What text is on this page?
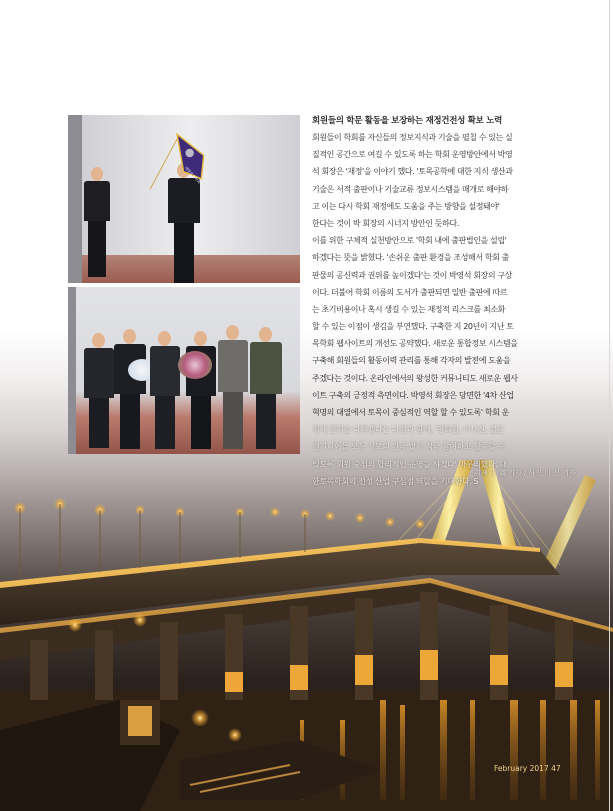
대한토목학회
회원들의 학문 활동을 보장하는 재정건전성 확보 노력
회원들이 학회를 자신들의 정보지식과 기술을 펼칠 수 있는 실
질적인 공간으로 여길 수 있도록 하는 학회 운영방안에서 박영
석 회장은 '재정'을 이야기 했다. '토목공학에 대한 지식 생산과
기술은 서적 출판이나 기술교류 정보시스템을 매개로 해야하
고 이는 다시 학회 재정에도 도움을 주는 방향을 설정돼야'
한다는 것이 박 회장의 시너지 방안인 듯하다.
이를 위한 구체적 실천방안으로 '학회 내에 출판법인을 설립'
하겠다는 뜻을 밝혔다. '손쉬운 출판 환경을 조성해서 학회 출
판물의 공신력과 권위를 높이겠다'는 것이 박영석 회장의 구상
이다. 더불어 학회 이름의 도서가 출판되면 일반 출판에 따르
는 초기비용이나 혹시 생길 수 있는 재정적 리스크를 최소화
할 수 있는 이점이 생김을 부연했다. 구축한 지 20년이 지난 토
목학회 웹사이트의 개선도 공약했다. 새로운 통합정보 시스템을
구축해 회원들의 활동이력 관리를 통해 각자의 발전에 도움을
주겠다는 것이다. 온라인에서의 왕성한 커뮤니티도 새로운 웹사
이트 구축의 긍정적 측면이다. 박영석 회장은 당면한 '4차 산업
혁명의 대열에서 토목이 중심적인 역할 할 수 있도록' 학회 운
영에 전력을 다하겠다는 다짐과 함께, '평회원, 이사진, 젊은
엔지니어들 모두 서로의 간극 없이 적극 참여하고 활동할 수
있도록 회원 중심의 합리적인 운영을 하겠다' 마무리했다. 대
한토목학회의 전성 산업 구심점 역할을 기대한다. S
취재 丁 震 기자 / 사진 이 신 기자
February 2017 47
